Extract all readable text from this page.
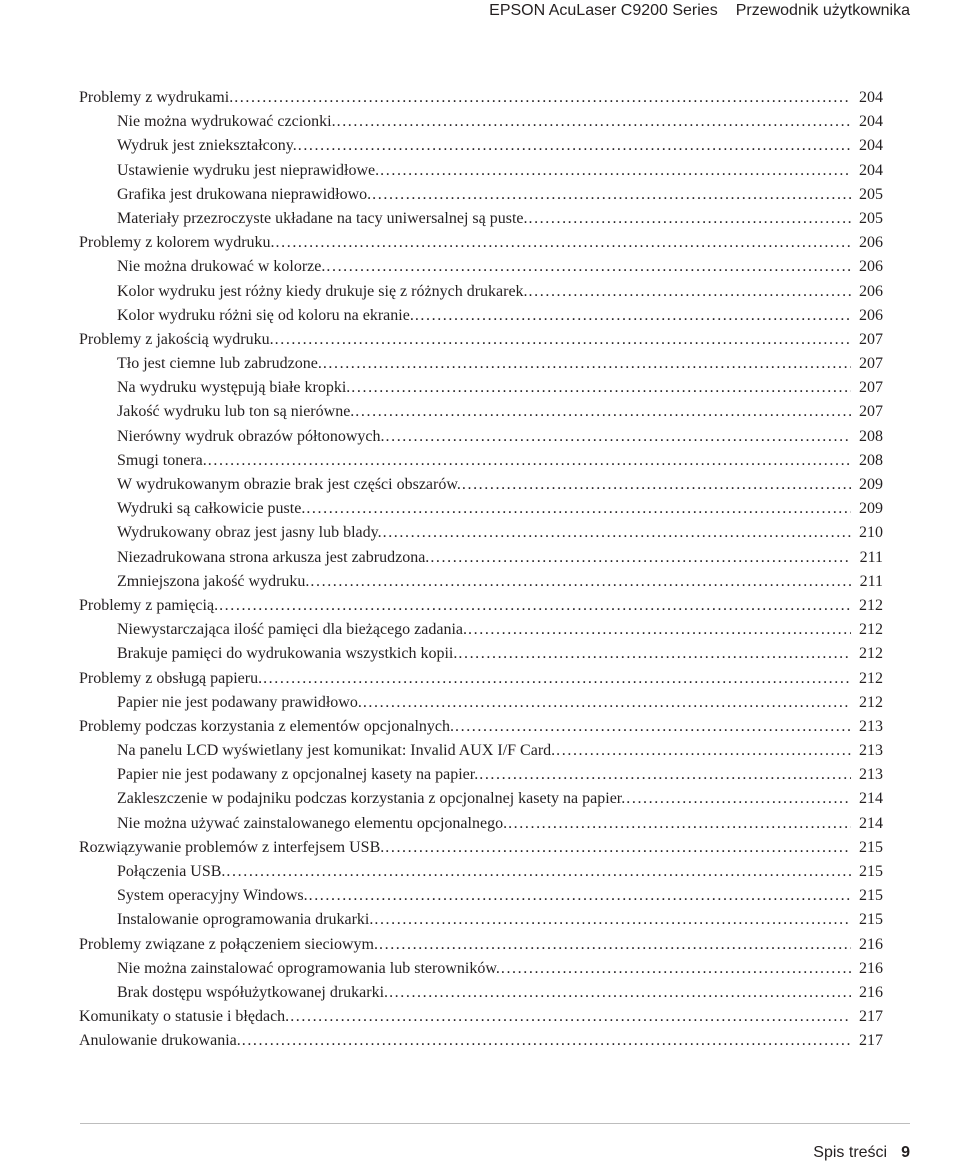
EPSON AcuLaser C9200 Series Przewodnik użytkownika
Problemy z wydrukami. .....	204
Nie można wydrukować czcionki. .....	204
Wydruk jest zniekształcony. .....	204
Ustawienie wydruku jest nieprawidłowe. .....	204
Grafika jest drukowana nieprawidłowo. .....	205
Materiały przezroczyste układane na tacy uniwersalnej są puste. .....	205
Problemy z kolorem wydruku. .....	206
Nie można drukować w kolorze. .....	206
Kolor wydruku jest różny kiedy drukuje się z różnych drukarek. .....	206
Kolor wydruku różni się od koloru na ekranie. .....	206
Problemy z jakością wydruku. .....	207
Tło jest ciemne lub zabrudzone. .....	207
Na wydruku występują białe kropki. .....	207
Jakość wydruku lub ton są nierówne. .....	207
Nierówny wydruk obrazów półtonowych. .....	208
Smugi tonera. .....	208
W wydrukowanym obrazie brak jest części obszarów. .....	209
Wydruki są całkowicie puste. .....	209
Wydrukowany obraz jest jasny lub blady. .....	210
Niezadrukowana strona arkusza jest zabrudzona. .....	211
Zmniejszona jakość wydruku. .....	211
Problemy z pamięcią. .....	212
Niewystarczająca ilość pamięci dla bieżącego zadania. .....	212
Brakuje pamięci do wydrukowania wszystkich kopii. .....	212
Problemy z obsługą papieru. .....	212
Papier nie jest podawany prawidłowo. .....	212
Problemy podczas korzystania z elementów opcjonalnych. .....	213
Na panelu LCD wyświetlany jest komunikat: Invalid AUX I/F Card. .....	213
Papier nie jest podawany z opcjonalnej kasety na papier. .....	213
Zakleszczenie w podajniku podczas korzystania z opcjonalnej kasety na papier. .....	214
Nie można używać zainstalowanego elementu opcjonalnego. .....	214
Rozwiązywanie problemów z interfejsem USB. .....	215
Połączenia USB. .....	215
System operacyjny Windows. .....	215
Instalowanie oprogramowania drukarki. .....	215
Problemy związane z połączeniem sieciowym. .....	216
Nie można zainstalować oprogramowania lub sterowników. .....	216
Brak dostępu współużytkowanej drukarki. .....	216
Komunikaty o statusie i błędach. .....	217
Anulowanie drukowania. .....	217
Spis treści 9
